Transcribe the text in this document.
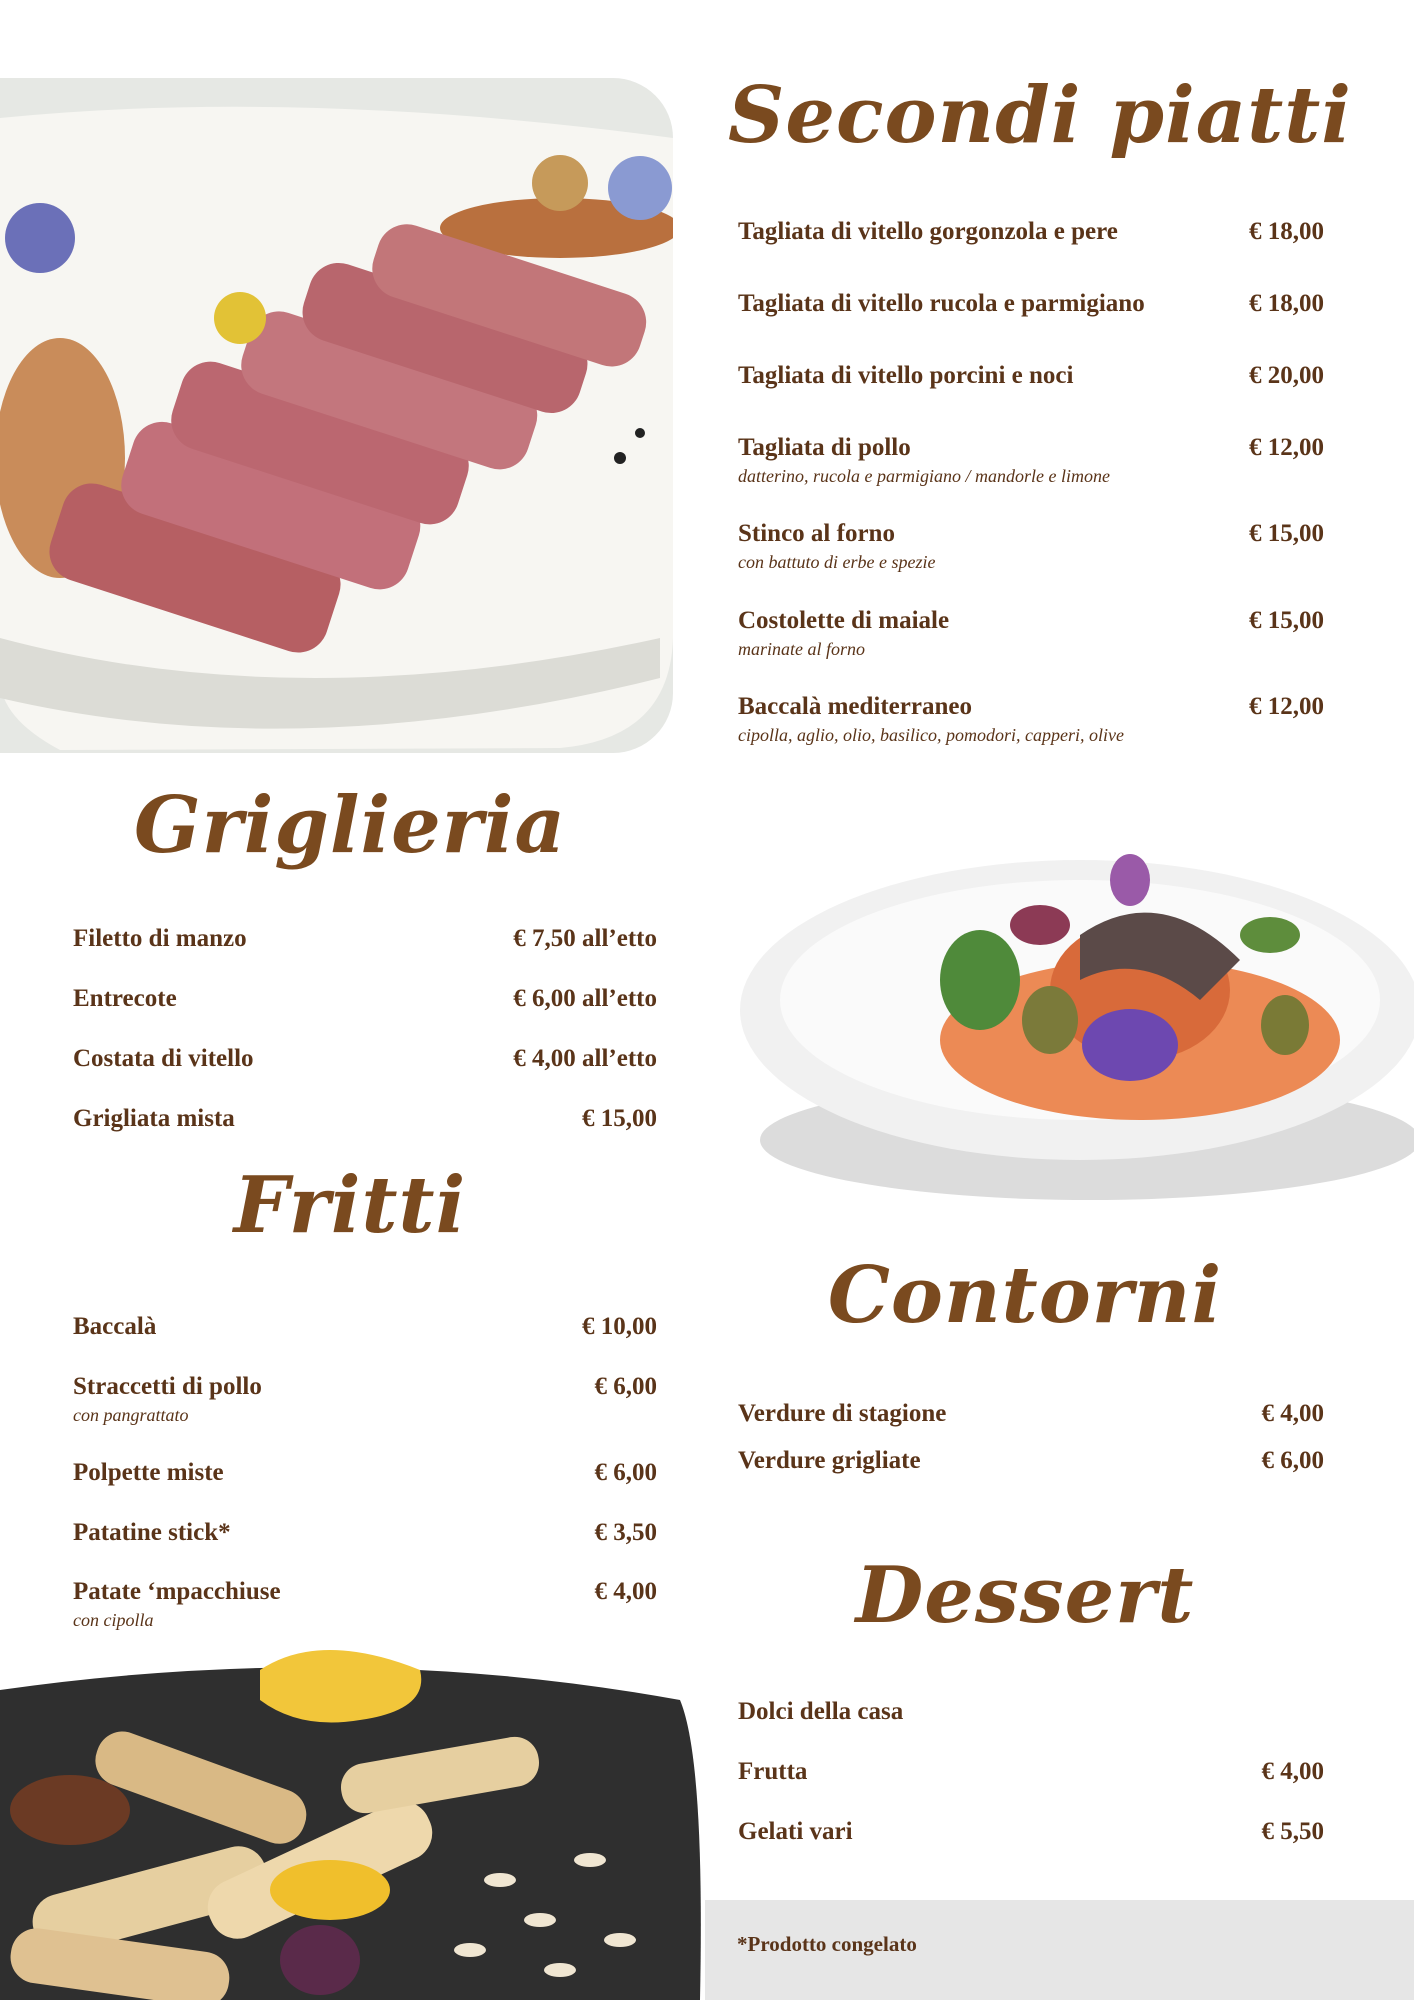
Secondi piatti
Tagliata di vitello gorgonzola e pere	€ 18,00
Tagliata di vitello rucola e parmigiano	€ 18,00
Tagliata di vitello porcini e noci	€ 20,00
Tagliata di pollo	€ 12,00
datterino, rucola e parmigiano / mandorle e limone
Stinco al forno	€ 15,00
con battuto di erbe e spezie
Costolette di maiale	€ 15,00
marinate al forno
Baccalà mediterraneo	€ 12,00
cipolla, aglio, olio, basilico, pomodori, capperi, olive
Griglieria
Filetto di manzo	€ 7,50 all’etto
Entrecote	€ 6,00 all’etto
Costata di vitello	€ 4,00 all’etto
Grigliata mista	€ 15,00
Fritti
Baccalà	€ 10,00
Straccetti di pollo	€ 6,00
con pangrattato
Polpette miste	€ 6,00
Patatine stick*	€ 3,50
Patate ‘mpacchiuse	€ 4,00
con cipolla
Contorni
Verdure di stagione	€ 4,00
Verdure grigliate	€ 6,00
Dessert
Dolci della casa
Frutta	€ 4,00
Gelati vari	€ 5,50
*Prodotto congelato
